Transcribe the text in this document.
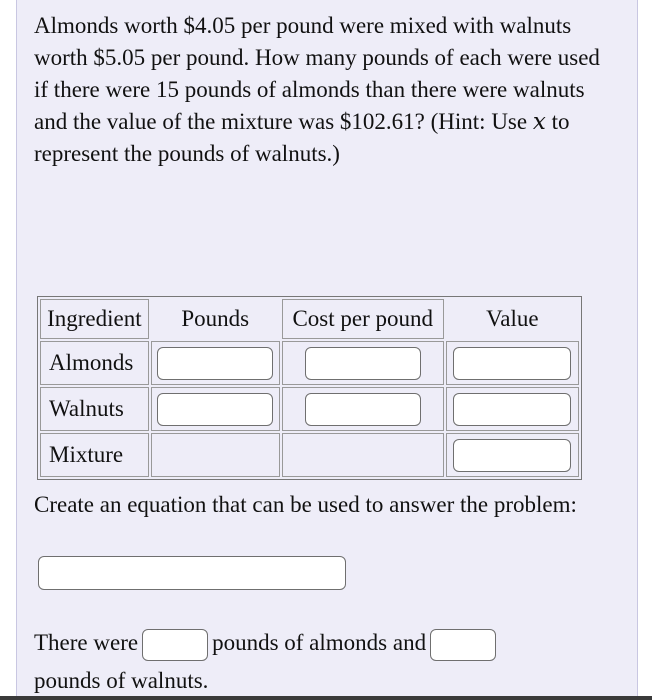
Almonds worth $4.05 per pound were mixed with walnuts worth $5.05 per pound. How many pounds of each were used if there were 15 pounds of almonds than there were walnuts and the value of the mixture was $102.61? (Hint: Use x to represent the pounds of walnuts.)

Ingredient	Pounds	Cost per pound	Value
Almonds			
Walnuts			
Mixture			

Create an equation that can be used to answer the problem:

There were	pounds of almonds and
pounds of walnuts.
